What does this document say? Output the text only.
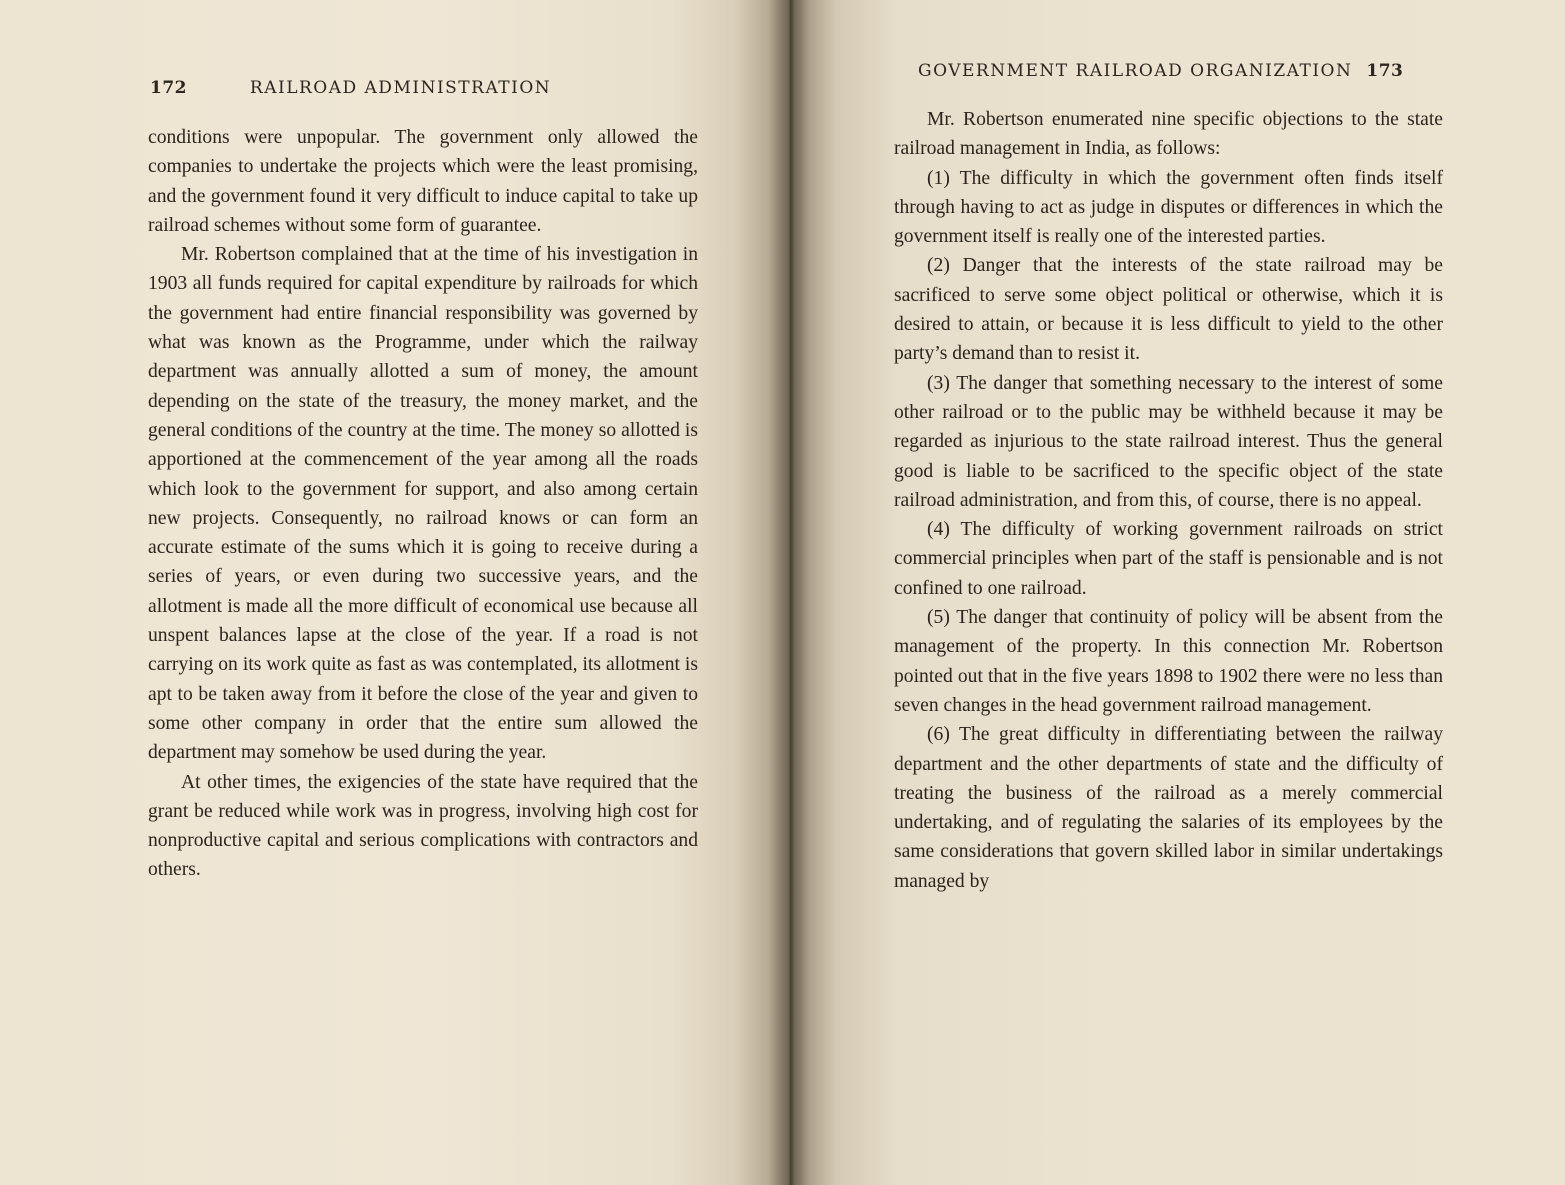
172	RAILROAD ADMINISTRATION

conditions were unpopular. The government only allowed the companies to undertake the projects which were the least promising, and the government found it very difficult to induce capital to take up railroad schemes without some form of guarantee.

Mr. Robertson complained that at the time of his investigation in 1903 all funds required for capital expenditure by railroads for which the government had entire financial responsibility was governed by what was known as the Programme, under which the railway department was annually allotted a sum of money, the amount depending on the state of the treasury, the money market, and the general conditions of the country at the time. The money so allotted is apportioned at the commencement of the year among all the roads which look to the government for support, and also among certain new projects. Consequently, no railroad knows or can form an accurate estimate of the sums which it is going to receive during a series of years, or even during two successive years, and the allotment is made all the more difficult of economical use because all unspent balances lapse at the close of the year. If a road is not carrying on its work quite as fast as was contemplated, its allotment is apt to be taken away from it before the close of the year and given to some other company in order that the entire sum allowed the department may somehow be used during the year.

At other times, the exigencies of the state have required that the grant be reduced while work was in progress, involving high cost for nonproductive capital and serious complications with contractors and others.

GOVERNMENT RAILROAD ORGANIZATION 173

Mr. Robertson enumerated nine specific objections to the state railroad management in India, as follows:

(1) The difficulty in which the government often finds itself through having to act as judge in disputes or differences in which the government itself is really one of the interested parties.

(2) Danger that the interests of the state railroad may be sacrificed to serve some object political or otherwise, which it is desired to attain, or because it is less difficult to yield to the other party’s demand than to resist it.

(3) The danger that something necessary to the interest of some other railroad or to the public may be withheld because it may be regarded as injurious to the state railroad interest. Thus the general good is liable to be sacrificed to the specific object of the state railroad administration, and from this, of course, there is no appeal.

(4) The difficulty of working government railroads on strict commercial principles when part of the staff is pensionable and is not confined to one railroad.

(5) The danger that continuity of policy will be absent from the management of the property. In this connection Mr. Robertson pointed out that in the five years 1898 to 1902 there were no less than seven changes in the head government railroad management.

(6) The great difficulty in differentiating between the railway department and the other departments of state and the difficulty of treating the business of the railroad as a merely commercial undertaking, and of regulating the salaries of its employees by the same considerations that govern skilled labor in similar undertakings managed by
